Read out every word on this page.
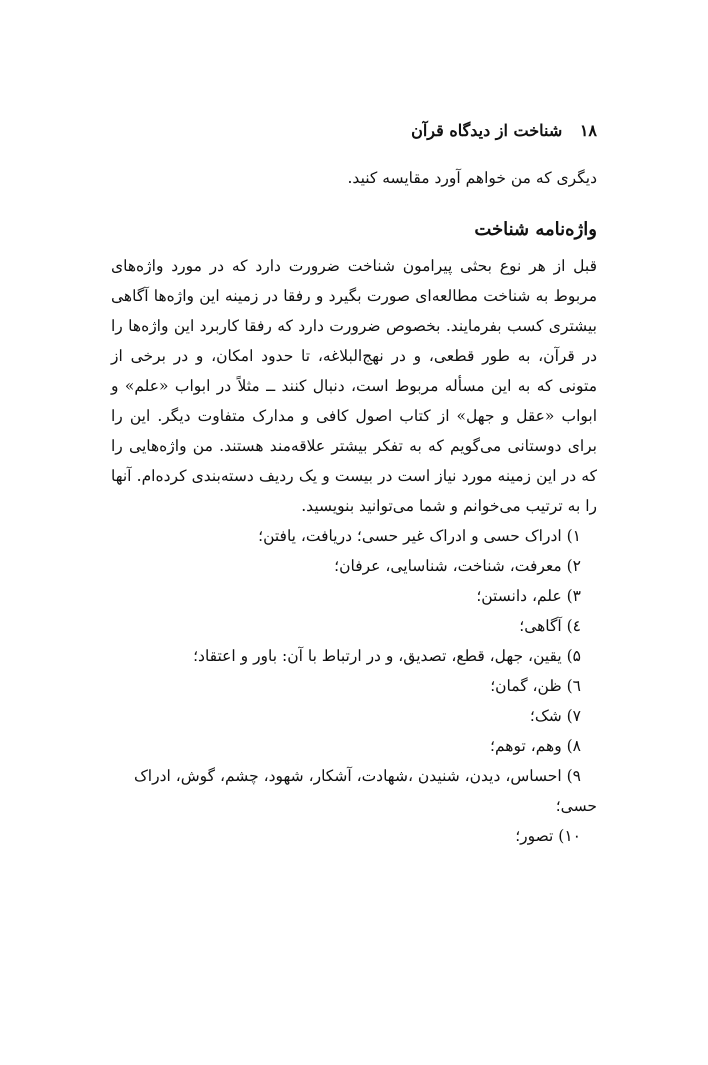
۱۸ شناخت از دیدگاه قرآن

دیگری که من خواهم آورد مقایسه کنید.

واژه‌نامه شناخت

قبل از هر نوع بحثی پیرامون شناخت ضرورت دارد که در مورد واژه‌های مربوط به شناخت مطالعه‌ای صورت بگیرد و رفقا در زمینه این واژه‌ها آگاهی بیشتری کسب بفرمایند. بخصوص ضرورت دارد که رفقا کاربرد این واژه‌ها را در قرآن، به طور قطعی، و در نهج‌البلاغه، تا حدود امکان، و در برخی از متونی که به این مسأله مربوط است، دنبال کنند ــ مثلاً در ابواب «علم» و ابواب «عقل و جهل» از کتاب اصول کافی و مدارک متفاوت دیگر. این را برای دوستانی می‌گویم که به تفکر بیشتر علاقه‌مند هستند. من واژه‌هایی را که در این زمینه مورد نیاز است در بیست و یک ردیف دسته‌بندی کرده‌ام. آنها را به ترتیب می‌خوانم و شما می‌توانید بنویسید.

۱) ادراک حسی و ادراک غیر حسی؛ دریافت، یافتن؛
۲) معرفت، شناخت، شناسایی، عرفان؛
۳) علم، دانستن؛
٤) آگاهی؛
۵) یقین، جهل، قطع، تصدیق، و در ارتباط با آن: باور و اعتقاد؛
٦) ظن، گمان؛
۷) شک؛
۸) وهم، توهم؛
۹) احساس، دیدن، شنیدن ،شهادت، آشکار، شهود، چشم، گوش، ادراک حسی؛
۱۰) تصور؛
